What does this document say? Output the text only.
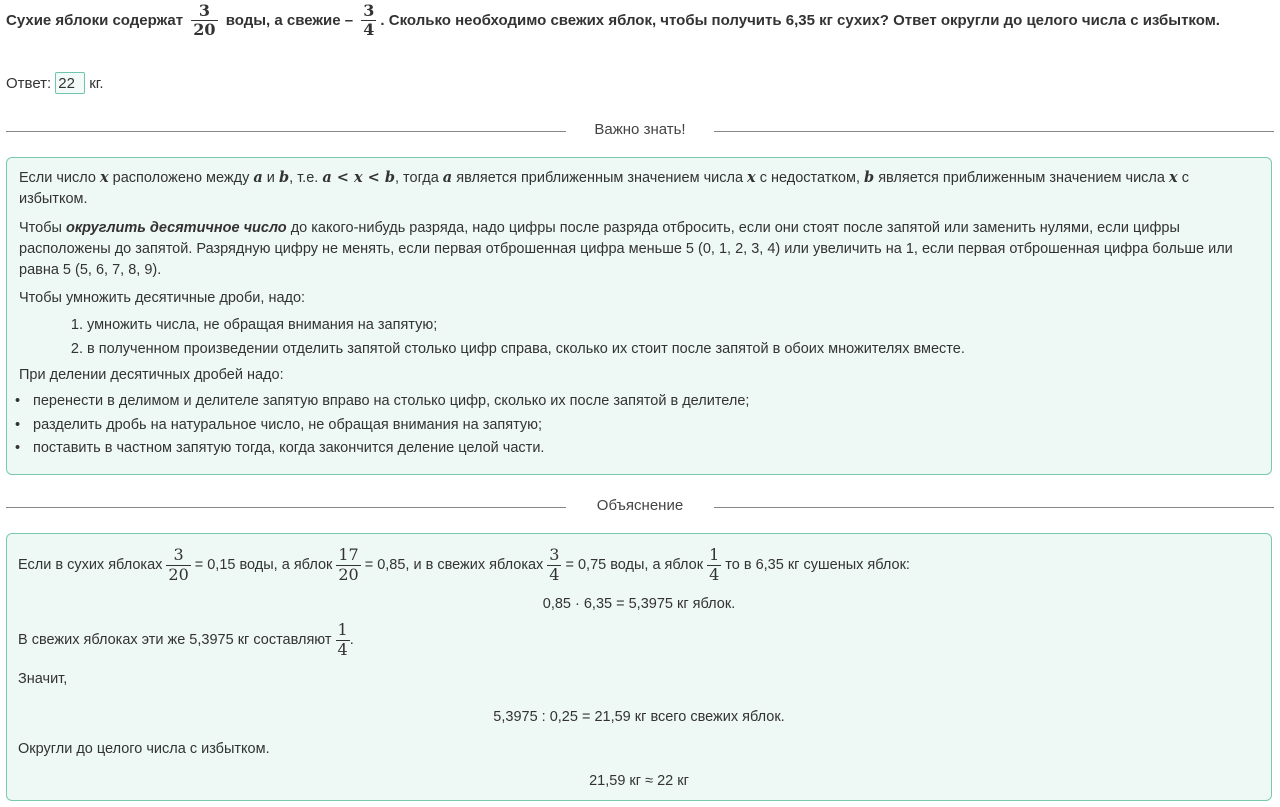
Сухие яблоки содержат $\frac{3}{20}$ воды, а свежие – $\frac{3}{4}$ . Сколько необходимо свежих яблок, чтобы получить 6,35 кг сухих? Ответ округли до целого числа с избытком.
Ответ: 22 кг.
Важно знать!

Если число x расположено между a и b, т.е. a < x < b, тогда a является приближенным значением числа x с недостатком, b является приближенным значением числа x с избытком.

Чтобы округлить десятичное число до какого-нибудь разряда, надо цифры после разряда отбросить, если они стоят после запятой или заменить нулями, если цифры расположены до запятой. Разрядную цифру не менять, если первая отброшенная цифра меньше 5 (0, 1, 2, 3, 4) или увеличить на 1, если первая отброшенная цифра больше или равна 5 (5, 6, 7, 8, 9).

Чтобы умножить десятичные дроби, надо:

1. умножить числа, не обращая внимания на запятую;
2. в полученном произведении отделить запятой столько цифр справа, сколько их стоит после запятой в обоих множителях вместе.

При делении десятичных дробей надо:

• перенести в делимом и делителе запятую вправо на столько цифр, сколько их после запятой в делителе;
• разделить дробь на натуральное число, не обращая внимания на запятую;
• поставить в частном запятую тогда, когда закончится деление целой части.
Объяснение
Если в сухих яблоках $\frac{3}{20} = 0,15$ воды, а яблок $\frac{17}{20} = 0,85$, и в свежих яблоках $\frac{3}{4} = 0,75$ воды, а яблок $\frac{1}{4}$ то в 6,35 кг сушеных яблок:
0,85 · 6,35 = 5,3975 кг яблок.
В свежих яблоках эти же 5,3975 кг составляют $\frac{1}{4}$ .
Значит,
5,3975 : 0,25 = 21,59 кг всего свежих яблок.
Округли до целого числа с избытком.
21,59 кг ≈ 22 кг
